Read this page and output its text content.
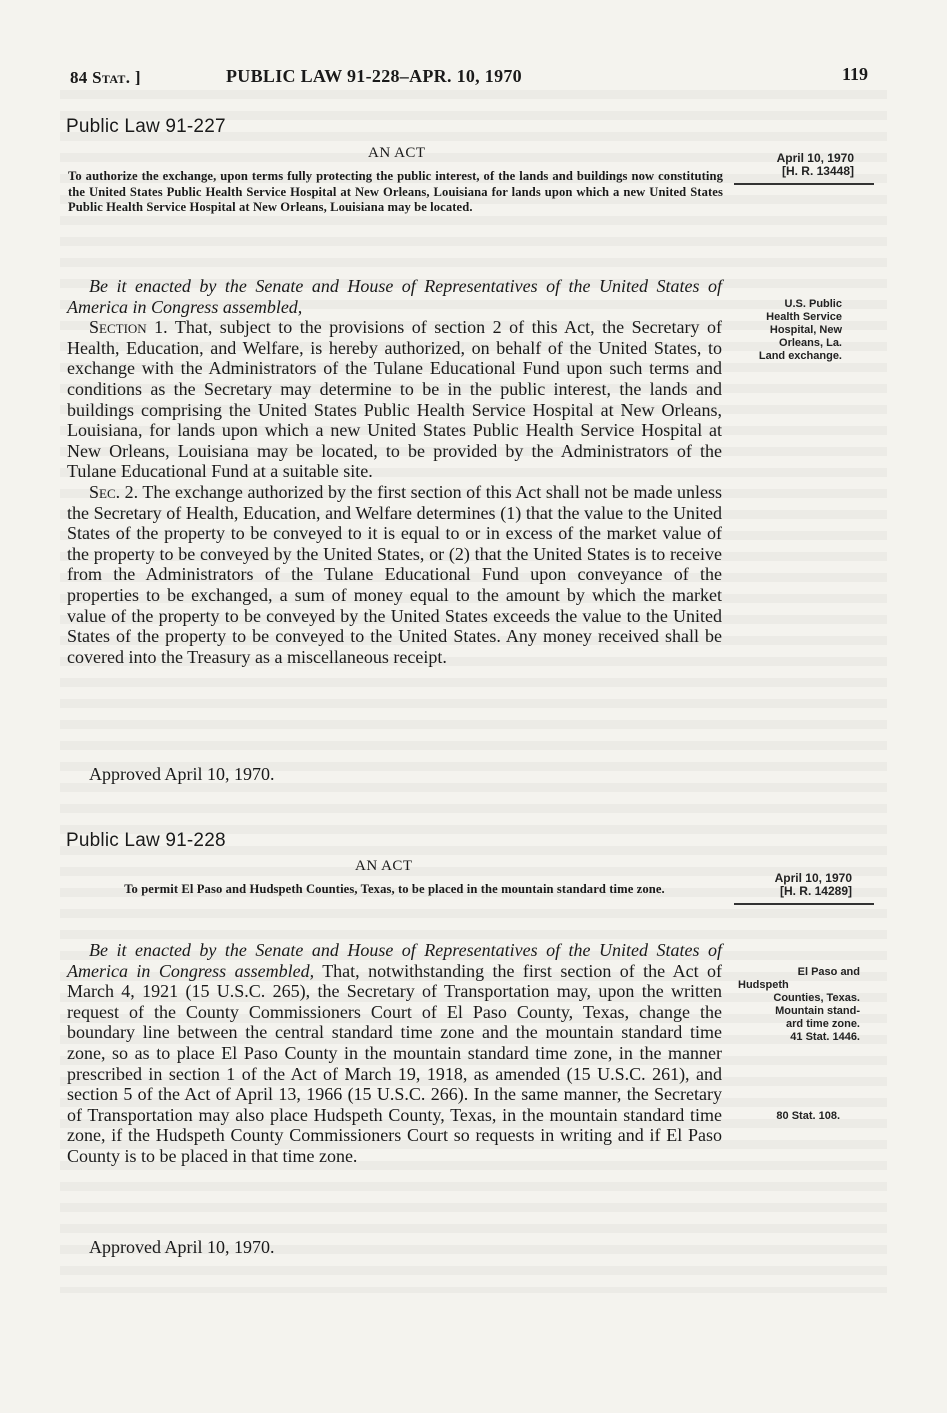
84 Stat. ]	PUBLIC LAW 91-228–APR. 10, 1970	119
Public Law 91-227
AN ACT
To authorize the exchange, upon terms fully protecting the public interest, of the lands and buildings now constituting the United States Public Health Service Hospital at New Orleans, Louisiana for lands upon which a new United States Public Health Service Hospital at New Orleans, Louisiana may be located.
April 10, 1970
[H. R. 13448]

Be it enacted by the Senate and House of Representatives of the United States of America in Congress assembled,

Section 1. That, subject to the provisions of section 2 of this Act, the Secretary of Health, Education, and Welfare, is hereby authorized, on behalf of the United States, to exchange with the Administrators of the Tulane Educational Fund upon such terms and conditions as the Secretary may determine to be in the public interest, the lands and buildings comprising the United States Public Health Service Hospital at New Orleans, Louisiana, for lands upon which a new United States Public Health Service Hospital at New Orleans, Louisiana may be located, to be provided by the Administrators of the Tulane Educational Fund at a suitable site.

Sec. 2. The exchange authorized by the first section of this Act shall not be made unless the Secretary of Health, Education, and Welfare determines (1) that the value to the United States of the property to be conveyed to it is equal to or in excess of the market value of the property to be conveyed by the United States, or (2) that the United States is to receive from the Administrators of the Tulane Educational Fund upon conveyance of the properties to be exchanged, a sum of money equal to the amount by which the market value of the property to be conveyed by the United States exceeds the value to the United States of the property to be conveyed to the United States. Any money received shall be covered into the Treasury as a miscellaneous receipt.

Approved April 10, 1970.
U.S. Public
Health Service
Hospital, New
Orleans, La.
Land exchange.
Public Law 91-228
AN ACT
To permit El Paso and Hudspeth Counties, Texas, to be placed in the mountain standard time zone.
April 10, 1970
[H. R. 14289]

Be it enacted by the Senate and House of Representatives of the United States of America in Congress assembled, That, notwithstanding the first section of the Act of March 4, 1921 (15 U.S.C. 265), the Secretary of Transportation may, upon the written request of the County Commissioners Court of El Paso County, Texas, change the boundary line between the central standard time zone and the mountain standard time zone, so as to place El Paso County in the mountain standard time zone, in the manner prescribed in section 1 of the Act of March 19, 1918, as amended (15 U.S.C. 261), and section 5 of the Act of April 13, 1966 (15 U.S.C. 266). In the same manner, the Secretary of Transportation may also place Hudspeth County, Texas, in the mountain standard time zone, if the Hudspeth County Commissioners Court so requests in writing and if El Paso County is to be placed in that time zone.

Approved April 10, 1970.
El Paso and
Hudspeth
Counties, Texas.
Mountain stand-
ard time zone.
41 Stat. 1446.
80 Stat. 108.
